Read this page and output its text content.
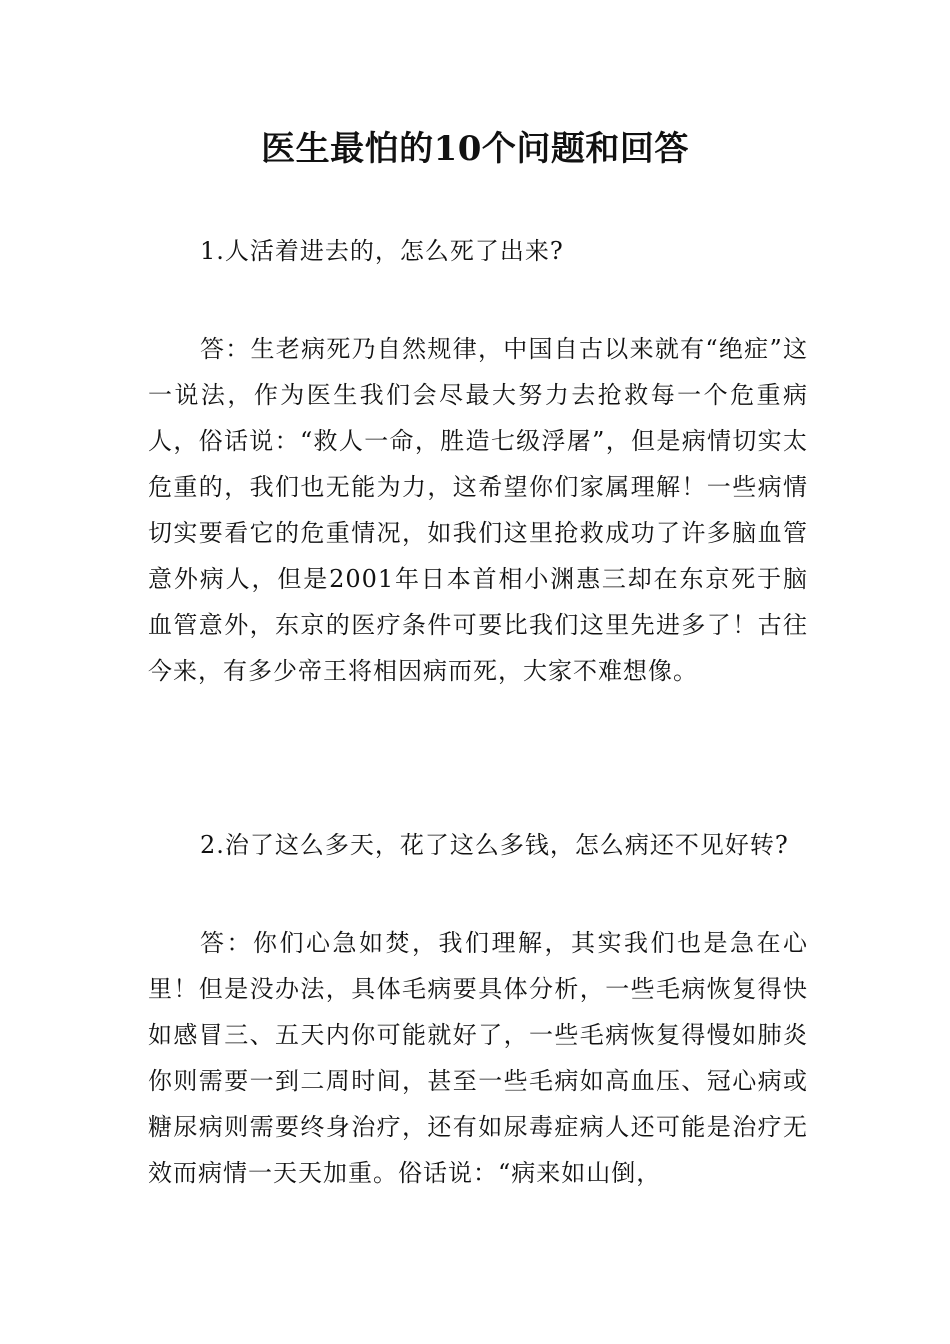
医生最怕的10个问题和回答
1.人活着进去的，怎么死了出来?
答：生老病死乃自然规律，中国自古以来就有“绝症”这一说法，作为医生我们会尽最大努力去抢救每一个危重病人，俗话说：“救人一命，胜造七级浮屠”，但是病情切实太危重的，我们也无能为力，这希望你们家属理解！一些病情切实要看它的危重情况，如我们这里抢救成功了许多脑血管意外病人，但是2001年日本首相小渊惠三却在东京死于脑血管意外，东京的医疗条件可要比我们这里先进多了！古往今来，有多少帝王将相因病而死，大家不难想像。
2.治了这么多天，花了这么多钱，怎么病还不见好转?
答：你们心急如焚，我们理解，其实我们也是急在心里！但是没办法，具体毛病要具体分析，一些毛病恢复得快如感冒三、五天内你可能就好了，一些毛病恢复得慢如肺炎你则需要一到二周时间，甚至一些毛病如高血压、冠心病或糖尿病则需要终身治疗，还有如尿毒症病人还可能是治疗无效而病情一天天加重。俗话说：“病来如山倒，
